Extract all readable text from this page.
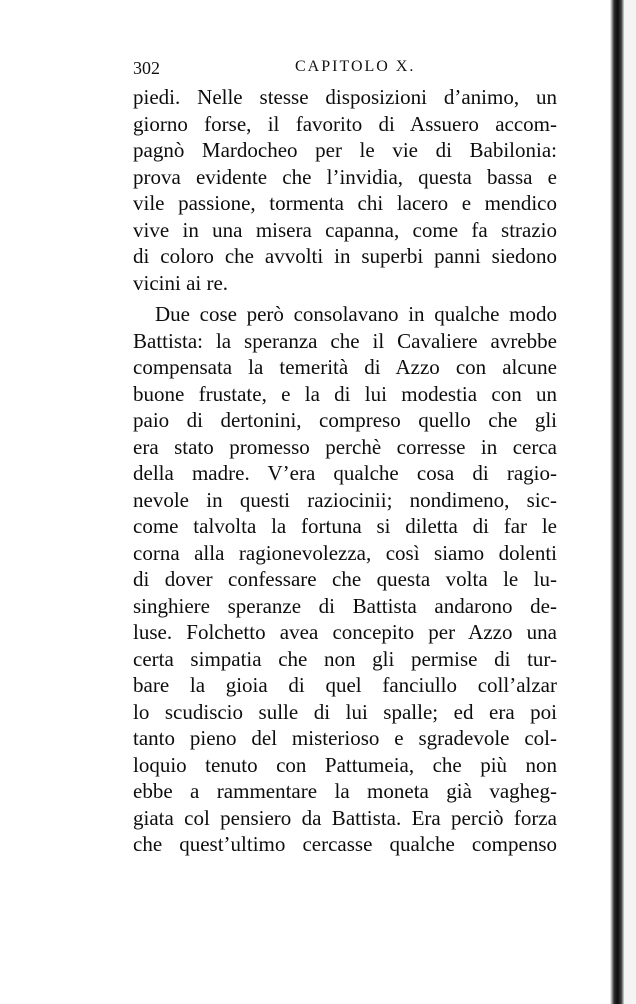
302	CAPITOLO X.
piedi. Nelle stesse disposizioni d’animo, un
giorno forse, il favorito di Assuero accom-
pagnò Mardocheo per le vie di Babilonia:
prova evidente che l’invidia, questa bassa e
vile passione, tormenta chi lacero e mendico
vive in una misera capanna, come fa strazio
di coloro che avvolti in superbi panni siedono
vicini ai re.
Due cose però consolavano in qualche modo
Battista: la speranza che il Cavaliere avrebbe
compensata la temerità di Azzo con alcune
buone frustate, e la di lui modestia con un
paio di dertonini, compreso quello che gli
era stato promesso perchè corresse in cerca
della madre. V’era qualche cosa di ragio-
nevole in questi raziocinii; nondimeno, sic-
come talvolta la fortuna si diletta di far le
corna alla ragionevolezza, così siamo dolenti
di dover confessare che questa volta le lu-
singhiere speranze di Battista andarono de-
luse. Folchetto avea concepito per Azzo una
certa simpatia che non gli permise di tur-
bare la gioia di quel fanciullo coll’alzar
lo scudiscio sulle di lui spalle; ed era poi
tanto pieno del misterioso e sgradevole col-
loquio tenuto con Pattumeia, che più non
ebbe a rammentare la moneta già vagheg-
giata col pensiero da Battista. Era perciò forza
che quest’ultimo cercasse qualche compenso
